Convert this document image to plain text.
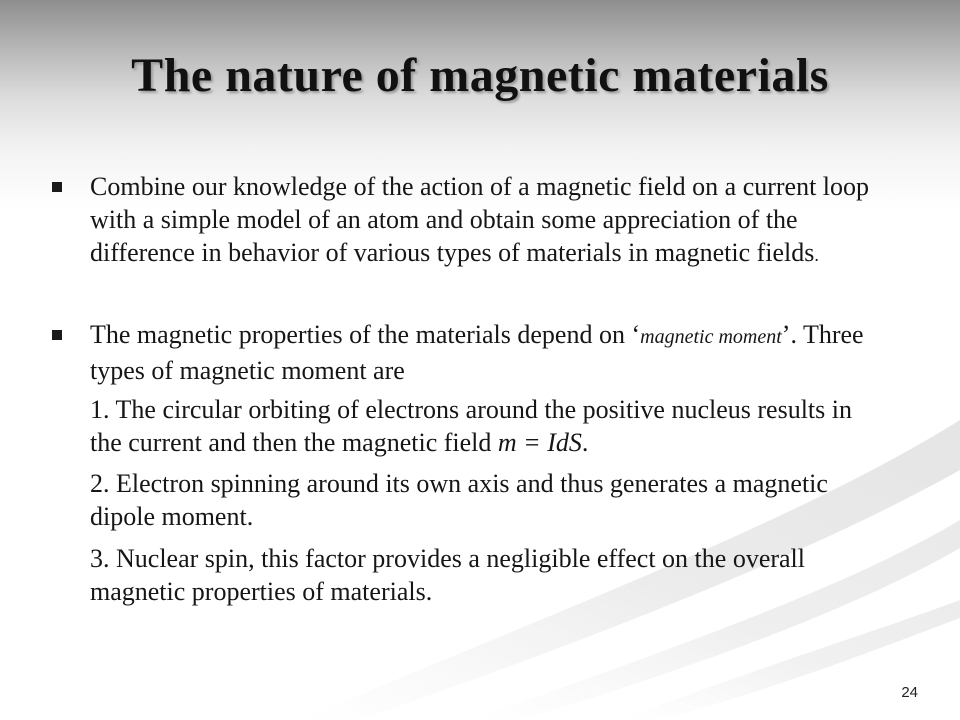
The nature of magnetic materials
Combine our knowledge of the action of a magnetic field on a current loop with a simple model of an atom and obtain some appreciation of the difference in behavior of various types of materials in magnetic fields.
The magnetic properties of the materials depend on ‘magnetic moment’. Three types of magnetic moment are
1. The circular orbiting of electrons around the positive nucleus results in the current and then the magnetic field m = IdS.
2. Electron spinning around its own axis and thus generates a magnetic dipole moment.
3. Nuclear spin, this factor provides a negligible effect on the overall magnetic properties of materials.
24
